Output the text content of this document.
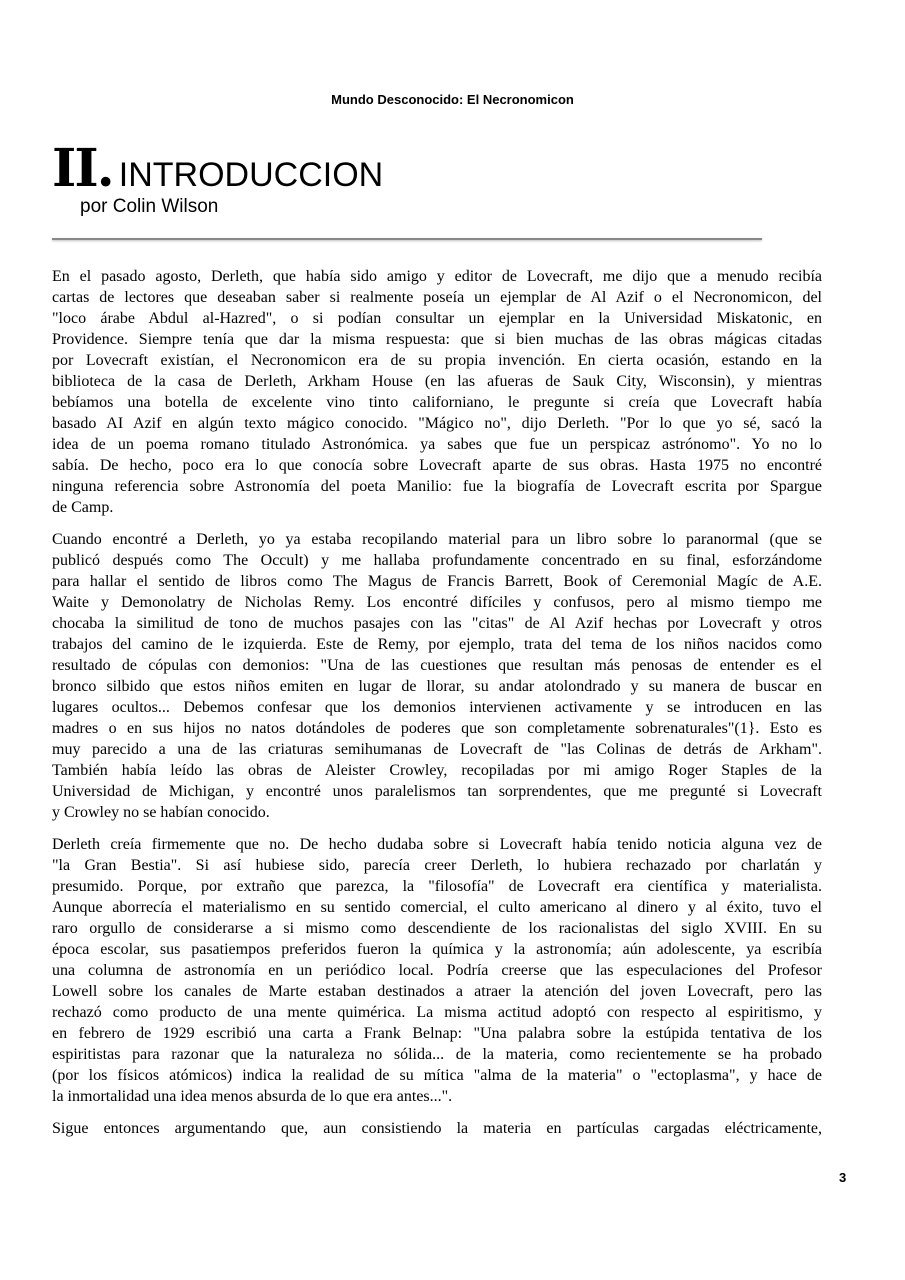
Mundo Desconocido: El Necronomicon
II. INTRODUCCION
por Colin Wilson
En el pasado agosto, Derleth, que había sido amigo y editor de Lovecraft, me dijo que a menudo recibía
cartas de lectores que deseaban saber si realmente poseía un ejemplar de Al Azif o el Necronomicon, del
"loco árabe Abdul al-Hazred", o si podían consultar un ejemplar en la Universidad Miskatonic, en
Providence. Siempre tenía que dar la misma respuesta: que si bien muchas de las obras mágicas citadas
por Lovecraft existían, el Necronomicon era de su propia invención. En cierta ocasión, estando en la
biblioteca de la casa de Derleth, Arkham House (en las afueras de Sauk City, Wisconsin), y mientras
bebíamos una botella de excelente vino tinto californiano, le pregunte si creía que Lovecraft había
basado AI Azif en algún texto mágico conocido. "Mágico no", dijo Derleth. "Por lo que yo sé, sacó la
idea de un poema romano titulado Astronómica. ya sabes que fue un perspicaz astrónomo". Yo no lo
sabía. De hecho, poco era lo que conocía sobre Lovecraft aparte de sus obras. Hasta 1975 no encontré
ninguna referencia sobre Astronomía del poeta Manilio: fue la biografía de Lovecraft escrita por Spargue
de Camp.
Cuando encontré a Derleth, yo ya estaba recopilando material para un libro sobre lo paranormal (que se
publicó después como The Occult) y me hallaba profundamente concentrado en su final, esforzándome
para hallar el sentido de libros como The Magus de Francis Barrett, Book of Ceremonial Magíc de A.E.
Waite y Demonolatry de Nicholas Remy. Los encontré difíciles y confusos, pero al mismo tiempo me
chocaba la similitud de tono de muchos pasajes con las "citas" de Al Azif hechas por Lovecraft y otros
trabajos del camino de le izquierda. Este de Remy, por ejemplo, trata del tema de los niños nacidos como
resultado de cópulas con demonios: "Una de las cuestiones que resultan más penosas de entender es el
bronco silbido que estos niños emiten en lugar de llorar, su andar atolondrado y su manera de buscar en
lugares ocultos... Debemos confesar que los demonios intervienen activamente y se introducen en las
madres o en sus hijos no natos dotándoles de poderes que son completamente sobrenaturales"(1}. Esto es
muy parecido a una de las criaturas semihumanas de Lovecraft de "las Colinas de detrás de Arkham".
También había leído las obras de Aleister Crowley, recopiladas por mi amigo Roger Staples de la
Universidad de Michigan, y encontré unos paralelismos tan sorprendentes, que me pregunté si Lovecraft
y Crowley no se habían conocido.
Derleth creía firmemente que no. De hecho dudaba sobre si Lovecraft había tenido noticia alguna vez de
"la Gran Bestia". Si así hubiese sido, parecía creer Derleth, lo hubiera rechazado por charlatán y
presumido. Porque, por extraño que parezca, la "filosofía" de Lovecraft era científica y materialista.
Aunque aborrecía el materialismo en su sentido comercial, el culto americano al dinero y al éxito, tuvo el
raro orgullo de considerarse a si mismo como descendiente de los racionalistas del siglo XVIII. En su
época escolar, sus pasatiempos preferidos fueron la química y la astronomía; aún adolescente, ya escribía
una columna de astronomía en un periódico local. Podría creerse que las especulaciones del Profesor
Lowell sobre los canales de Marte estaban destinados a atraer la atención del joven Lovecraft, pero las
rechazó como producto de una mente quimérica. La misma actitud adoptó con respecto al espiritismo, y
en febrero de 1929 escribió una carta a Frank Belnap: "Una palabra sobre la estúpida tentativa de los
espiritistas para razonar que la naturaleza no sólida... de la materia, como recientemente se ha probado
(por los físicos atómicos) indica la realidad de su mítica "alma de la materia" o "ectoplasma", y hace de
la inmortalidad una idea menos absurda de lo que era antes...".
Sigue entonces argumentando que, aun consistiendo la materia en partículas cargadas eléctricamente,
3
